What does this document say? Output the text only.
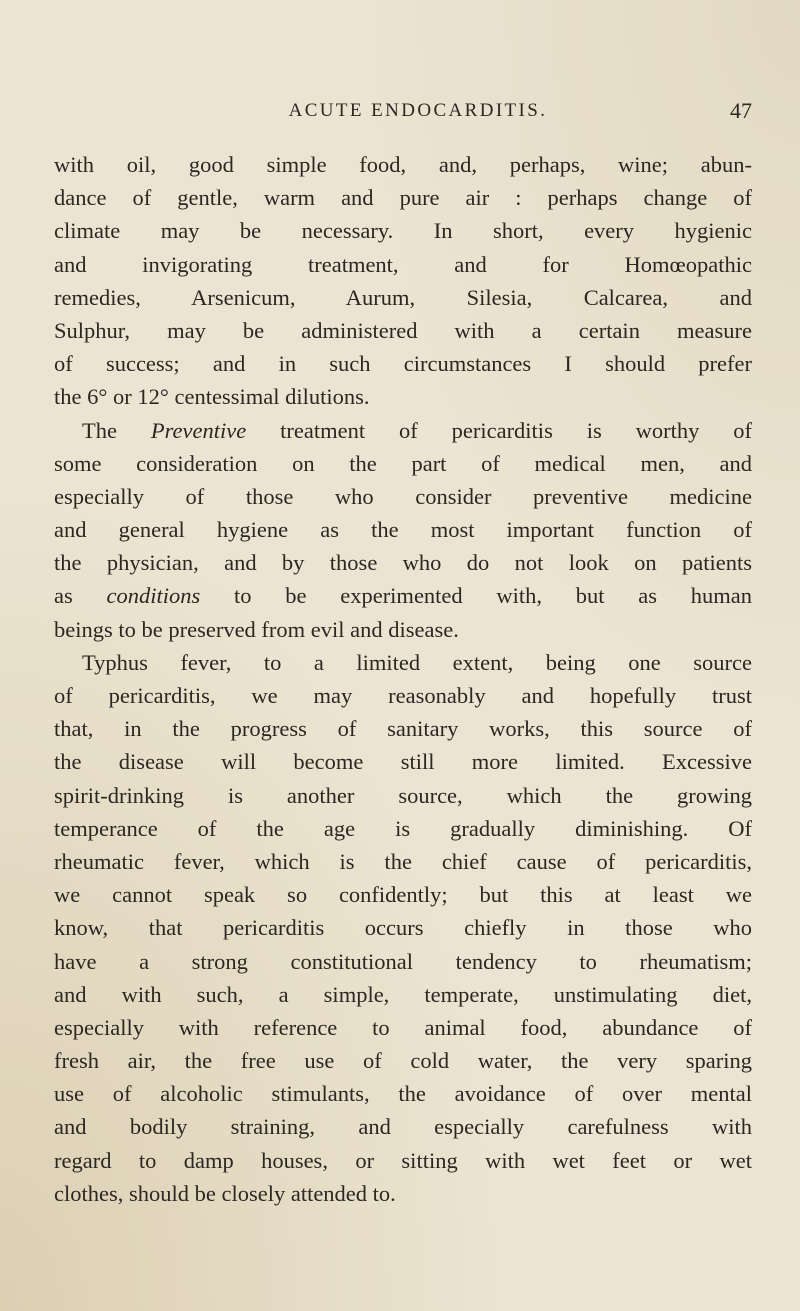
ACUTE ENDOCARDITIS.	47
with oil, good simple food, and, perhaps, wine; abun-
dance of gentle, warm and pure air : perhaps change of
climate may be necessary. In short, every hygienic
and invigorating treatment, and for Homœopathic
remedies, Arsenicum, Aurum, Silesia, Calcarea, and
Sulphur, may be administered with a certain measure
of success; and in such circumstances I should prefer
the 6° or 12° centessimal dilutions.
The Preventive treatment of pericarditis is worthy of
some consideration on the part of medical men, and
especially of those who consider preventive medicine
and general hygiene as the most important function of
the physician, and by those who do not look on patients
as conditions to be experimented with, but as human
beings to be preserved from evil and disease.
Typhus fever, to a limited extent, being one source
of pericarditis, we may reasonably and hopefully trust
that, in the progress of sanitary works, this source of
the disease will become still more limited. Excessive
spirit-drinking is another source, which the growing
temperance of the age is gradually diminishing. Of
rheumatic fever, which is the chief cause of pericarditis,
we cannot speak so confidently; but this at least we
know, that pericarditis occurs chiefly in those who
have a strong constitutional tendency to rheumatism;
and with such, a simple, temperate, unstimulating diet,
especially with reference to animal food, abundance of
fresh air, the free use of cold water, the very sparing
use of alcoholic stimulants, the avoidance of over mental
and bodily straining, and especially carefulness with
regard to damp houses, or sitting with wet feet or wet
clothes, should be closely attended to.
